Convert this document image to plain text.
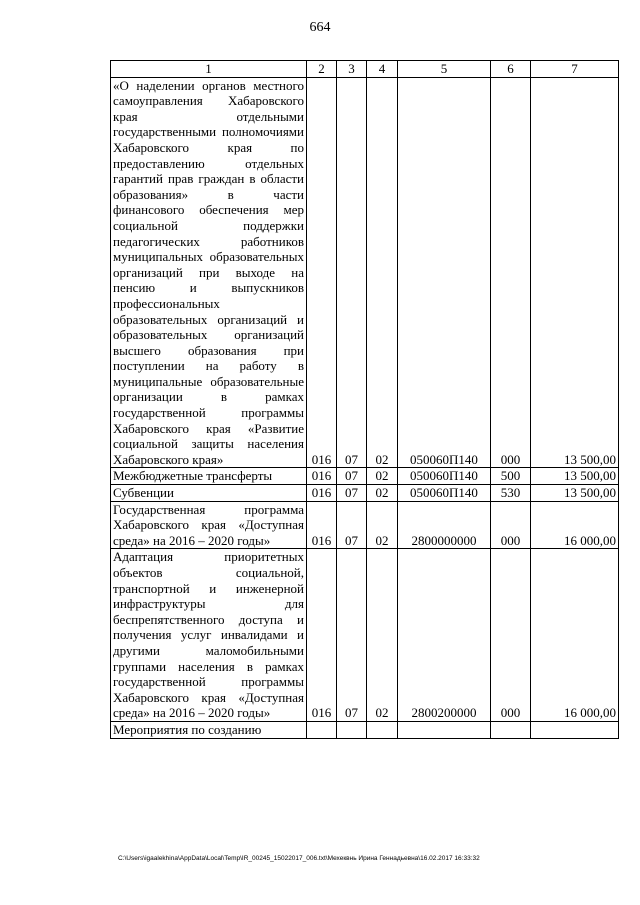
664
1	2	3	4	5	6	7

«О наделении органов местного самоуправления Хабаровского края отдельными государственными полномочиями Хабаровского края по предоставлению отдельных гарантий прав граждан в области образования» в части финансового обеспечения мер социальной поддержки педагогических работников муниципальных образовательных организаций при выходе на пенсию и выпускников профессиональных образовательных организаций и образовательных организаций высшего образования при поступлении на работу в муниципальные образовательные организации в рамках государственной программы Хабаровского края «Развитие социальной защиты населения Хабаровского края»	016	07	02	050060П140	000	13 500,00

Межбюджетные трансферты	016	07	02	050060П140	500	13 500,00

Субвенции	016	07	02	050060П140	530	13 500,00

Государственная программа Хабаровского края «Доступная среда» на 2016 – 2020 годы»	016	07	02	2800000000	000	16 000,00

Адаптация приоритетных объектов социальной, транспортной и инженерной инфраструктуры для беспрепятственного доступа и получения услуг инвалидами и другими маломобильными группами населения в рамках государственной программы Хабаровского края «Доступная среда» на 2016 – 2020 годы»	016	07	02	2800200000	000	16 000,00

Мероприятия по созданию						

C:\Users\igaalekhina\AppData\Local\Temp\IR_00245_15022017_006.txt\Мехеквнь Ирина Геннадьевна\16.02.2017 16:33:32
